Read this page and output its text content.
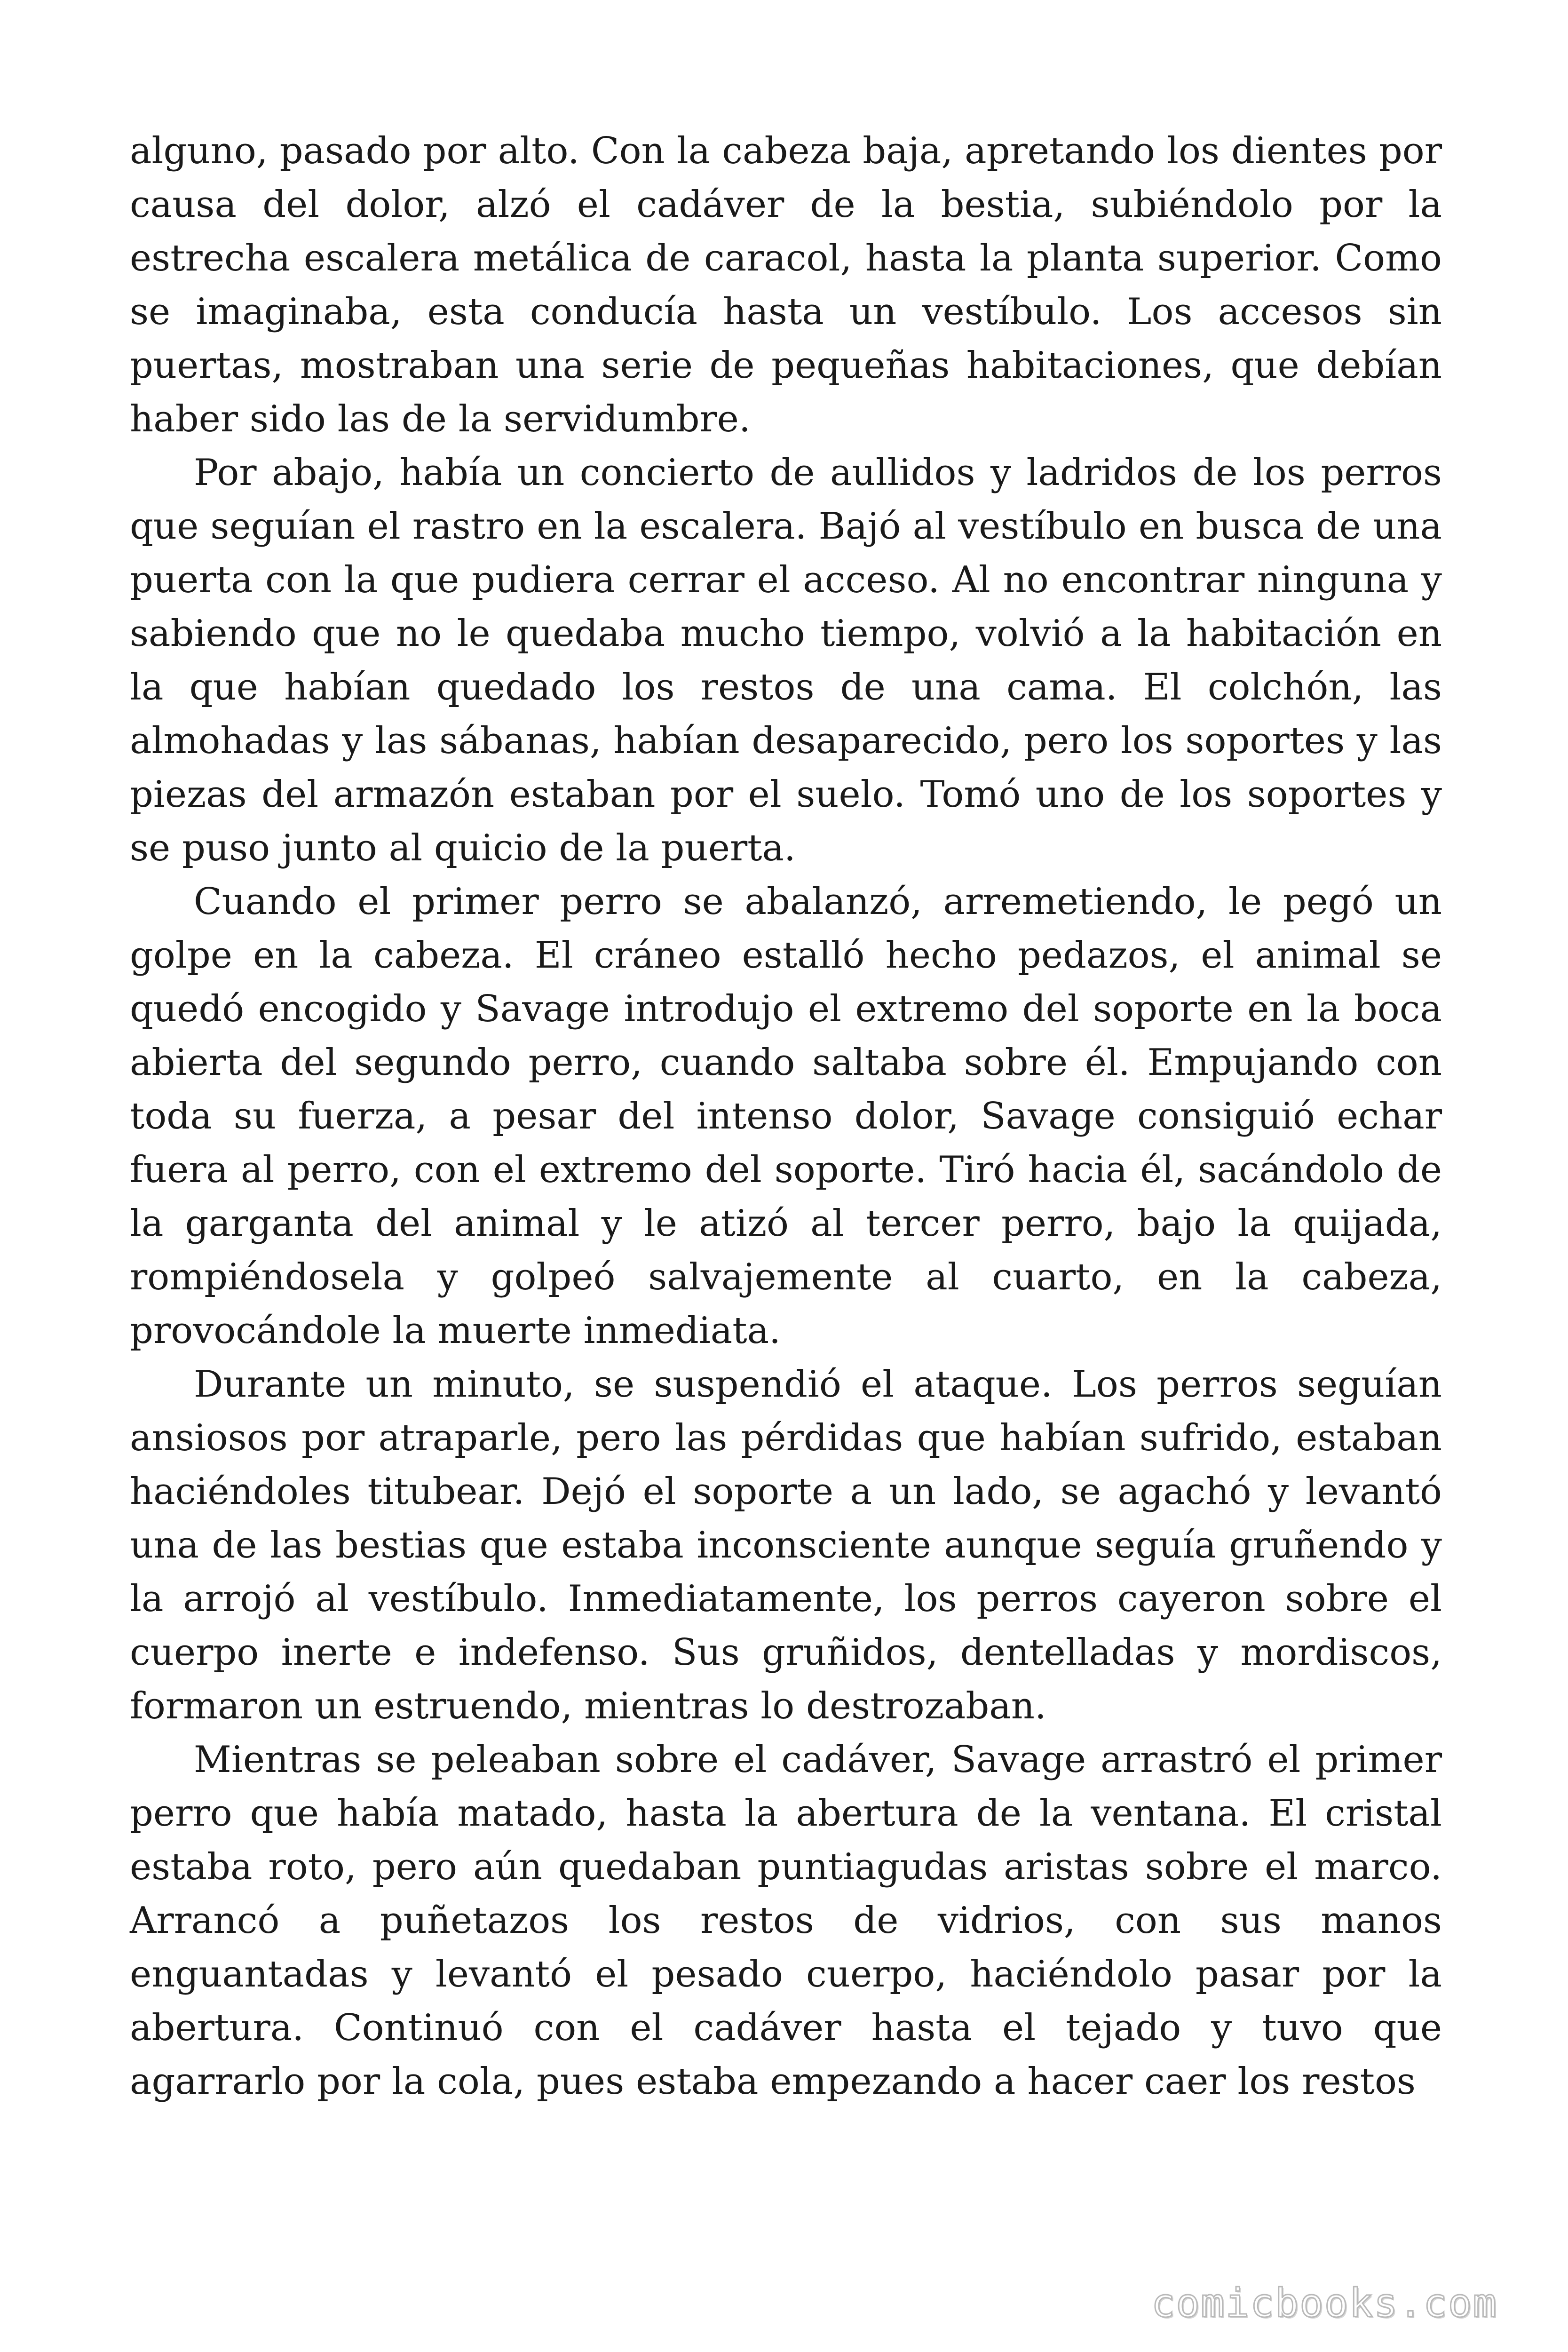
alguno, pasado por alto. Con la cabeza baja, apretando los dientes por causa del dolor, alzó el cadáver de la bestia, subiéndolo por la estrecha escalera metálica de caracol, hasta la planta superior. Como se imaginaba, esta conducía hasta un vestíbulo. Los accesos sin puertas, mostraban una serie de pequeñas habitaciones, que debían haber sido las de la servidumbre.

Por abajo, había un concierto de aullidos y ladridos de los perros que seguían el rastro en la escalera. Bajó al vestíbulo en busca de una puerta con la que pudiera cerrar el acceso. Al no encontrar ninguna y sabiendo que no le quedaba mucho tiempo, volvió a la habitación en la que habían quedado los restos de una cama. El colchón, las almohadas y las sábanas, habían desaparecido, pero los soportes y las piezas del armazón estaban por el suelo. Tomó uno de los soportes y se puso junto al quicio de la puerta.

Cuando el primer perro se abalanzó, arremetiendo, le pegó un golpe en la cabeza. El cráneo estalló hecho pedazos, el animal se quedó encogido y Savage introdujo el extremo del soporte en la boca abierta del segundo perro, cuando saltaba sobre él. Empujando con toda su fuerza, a pesar del intenso dolor, Savage consiguió echar fuera al perro, con el extremo del soporte. Tiró hacia él, sacándolo de la garganta del animal y le atizó al tercer perro, bajo la quijada, rompiéndosela y golpeó salvajemente al cuarto, en la cabeza, provocándole la muerte inmediata.

Durante un minuto, se suspendió el ataque. Los perros seguían ansiosos por atraparle, pero las pérdidas que habían sufrido, estaban haciéndoles titubear. Dejó el soporte a un lado, se agachó y levantó una de las bestias que estaba inconsciente aunque seguía gruñendo y la arrojó al vestíbulo. Inmediatamente, los perros cayeron sobre el cuerpo inerte e indefenso. Sus gruñidos, dentelladas y mordiscos, formaron un estruendo, mientras lo destrozaban.

Mientras se peleaban sobre el cadáver, Savage arrastró el primer perro que había matado, hasta la abertura de la ventana. El cristal estaba roto, pero aún quedaban puntiagudas aristas sobre el marco. Arrancó a puñetazos los restos de vidrios, con sus manos enguantadas y levantó el pesado cuerpo, haciéndolo pasar por la abertura. Continuó con el cadáver hasta el tejado y tuvo que agarrarlo por la cola, pues estaba empezando a hacer caer los restos

comicbooks.com
